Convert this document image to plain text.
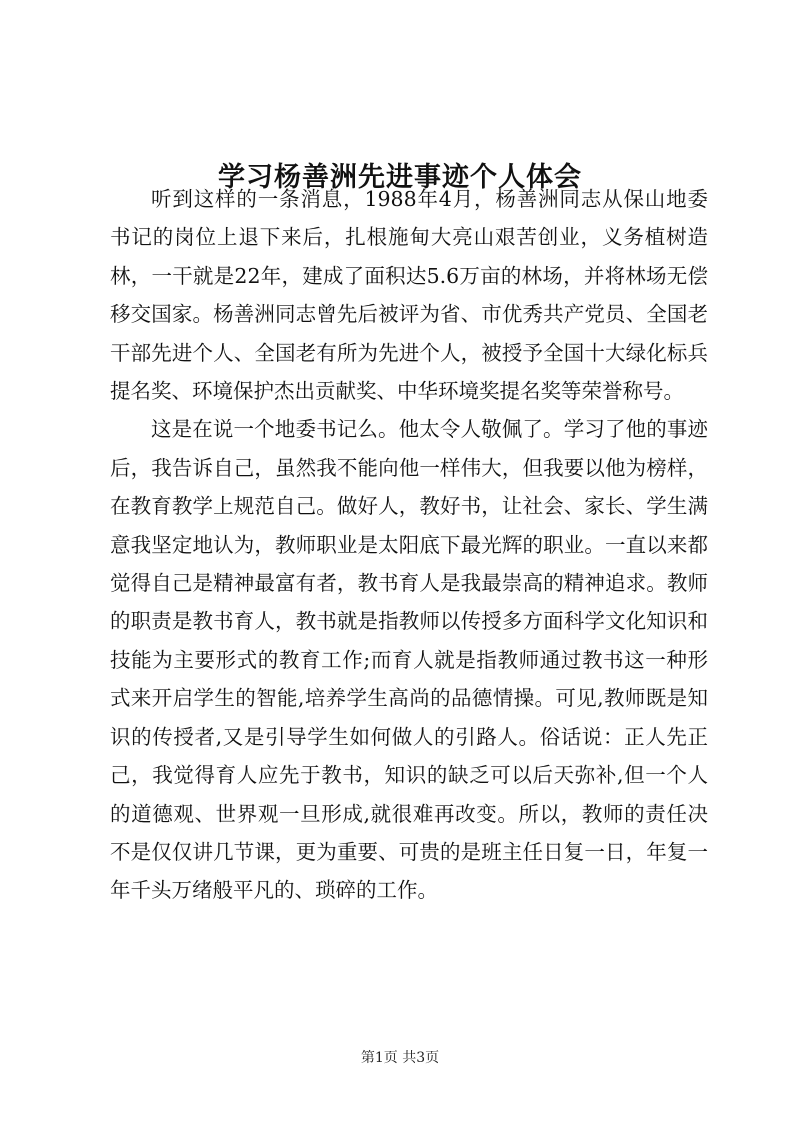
学习杨善洲先进事迹个人体会

听到这样的一条消息，1988年4月，杨善洲同志从保山地委书记的岗位上退下来后，扎根施甸大亮山艰苦创业，义务植树造林，一干就是22年，建成了面积达5.6万亩的林场，并将林场无偿移交国家。杨善洲同志曾先后被评为省、市优秀共产党员、全国老干部先进个人、全国老有所为先进个人，被授予全国十大绿化标兵提名奖、环境保护杰出贡献奖、中华环境奖提名奖等荣誉称号。

这是在说一个地委书记么。他太令人敬佩了。学习了他的事迹后，我告诉自己，虽然我不能向他一样伟大，但我要以他为榜样，在教育教学上规范自己。做好人，教好书，让社会、家长、学生满意我坚定地认为，教师职业是太阳底下最光辉的职业。一直以来都觉得自己是精神最富有者，教书育人是我最崇高的精神追求。教师的职责是教书育人，教书就是指教师以传授多方面科学文化知识和技能为主要形式的教育工作;而育人就是指教师通过教书这一种形式来开启学生的智能,培养学生高尚的品德情操。可见,教师既是知识的传授者,又是引导学生如何做人的引路人。俗话说：正人先正己，我觉得育人应先于教书，知识的缺乏可以后天弥补,但一个人的道德观、世界观一旦形成,就很难再改变。所以，教师的责任决不是仅仅讲几节课，更为重要、可贵的是班主任日复一日，年复一年千头万绪般平凡的、琐碎的工作。

第1页 共3页
